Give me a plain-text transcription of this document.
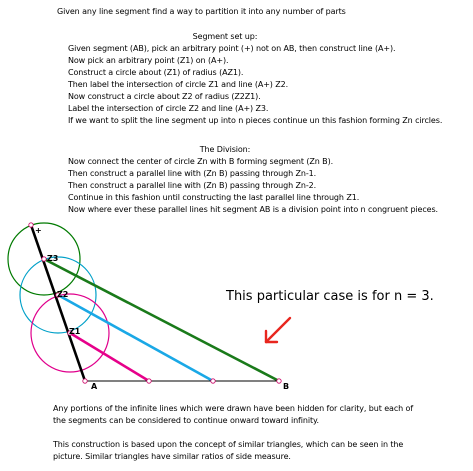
Given any line segment find a way to partition it into any number of parts
Segment set up:
Given segment (AB), pick an arbitrary point (+) not on AB, then construct line (A+).
Now pick an arbitrary point (Z1) on (A+).
Construct a circle about (Z1) of radius (AZ1).
Then label the intersection of circle Z1 and line (A+) Z2.
Now construct a circle about Z2 of radius (Z2Z1).
Label the intersection of circle Z2 and line (A+) Z3.
If we want to split the line segment up into n pieces continue un this fashion forming Zn circles.
The Division:
Now connect the center of circle Zn with B forming segment (Zn B).
Then construct a parallel line with (Zn B) passing through Zn-1.
Then construct a parallel line with (Zn B) passing through Zn-2.
Continue in this fashion until constructing the last parallel line through Z1.
Now where ever these parallel lines hit segment AB is a division point into n congruent pieces.
+
Z3
Z2
Z1
A	B
This particular case is for n = 3.
Any portions of the infinite lines which were drawn have been hidden for clarity, but each of
the segments can be considered to continue onward toward infinity.
This construction is based upon the concept of similar triangles, which can be seen in the
picture. Similar triangles have similar ratios of side measure.
